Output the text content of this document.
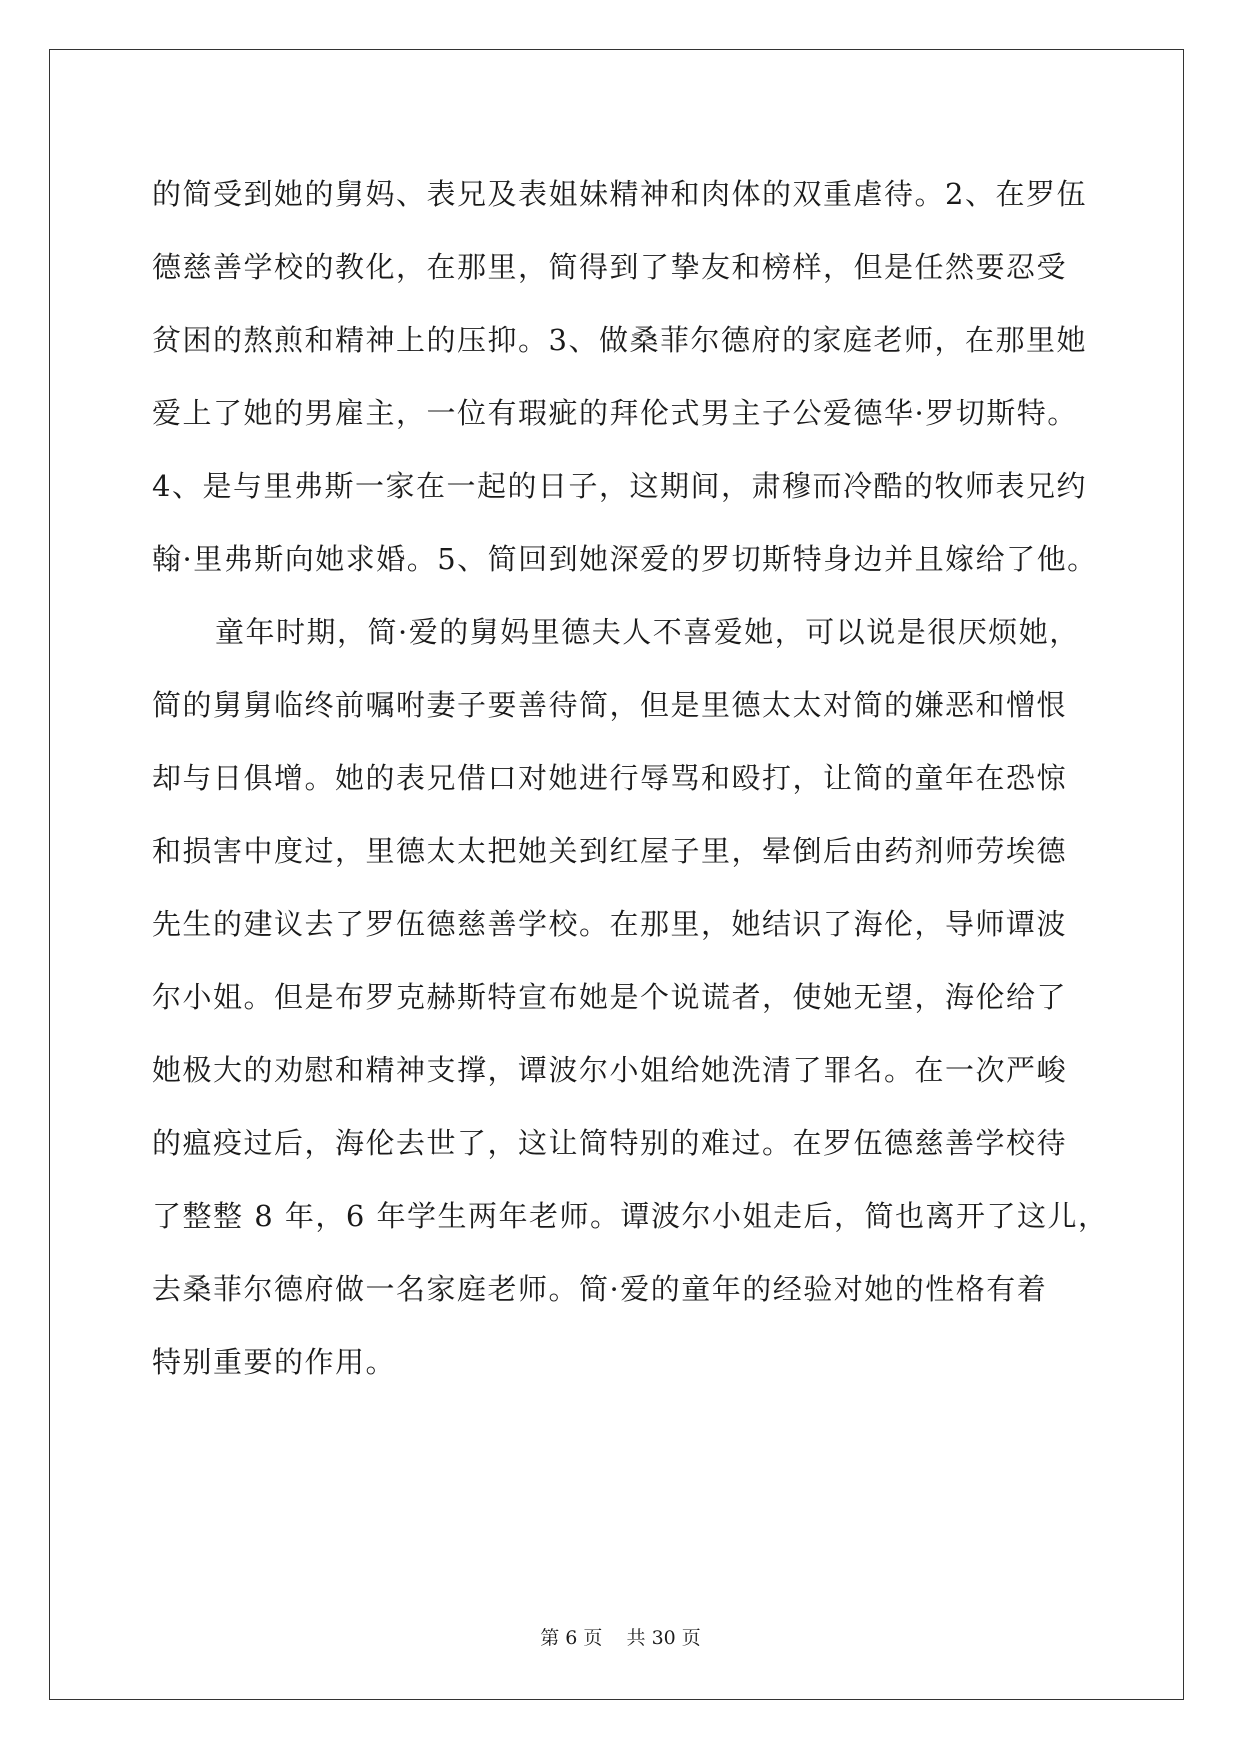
的简受到她的舅妈、表兄及表姐妹精神和肉体的双重虐待。2、在罗伍
德慈善学校的教化，在那里，简得到了挚友和榜样，但是任然要忍受
贫困的熬煎和精神上的压抑。3、做桑菲尔德府的家庭老师，在那里她
爱上了她的男雇主，一位有瑕疵的拜伦式男主子公爱德华·罗切斯特。
4、是与里弗斯一家在一起的日子，这期间，肃穆而冷酷的牧师表兄约
翰·里弗斯向她求婚。5、简回到她深爱的罗切斯特身边并且嫁给了他。
童年时期，简·爱的舅妈里德夫人不喜爱她，可以说是很厌烦她，
简的舅舅临终前嘱咐妻子要善待简，但是里德太太对简的嫌恶和憎恨
却与日俱增。她的表兄借口对她进行辱骂和殴打，让简的童年在恐惊
和损害中度过，里德太太把她关到红屋子里，晕倒后由药剂师劳埃德
先生的建议去了罗伍德慈善学校。在那里，她结识了海伦，导师谭波
尔小姐。但是布罗克赫斯特宣布她是个说谎者，使她无望，海伦给了
她极大的劝慰和精神支撑，谭波尔小姐给她洗清了罪名。在一次严峻
的瘟疫过后，海伦去世了，这让简特别的难过。在罗伍德慈善学校待
了整整 8 年，6 年学生两年老师。谭波尔小姐走后，简也离开了这儿，
去桑菲尔德府做一名家庭老师。简·爱的童年的经验对她的性格有着
特别重要的作用。
第 6 页    共 30 页
